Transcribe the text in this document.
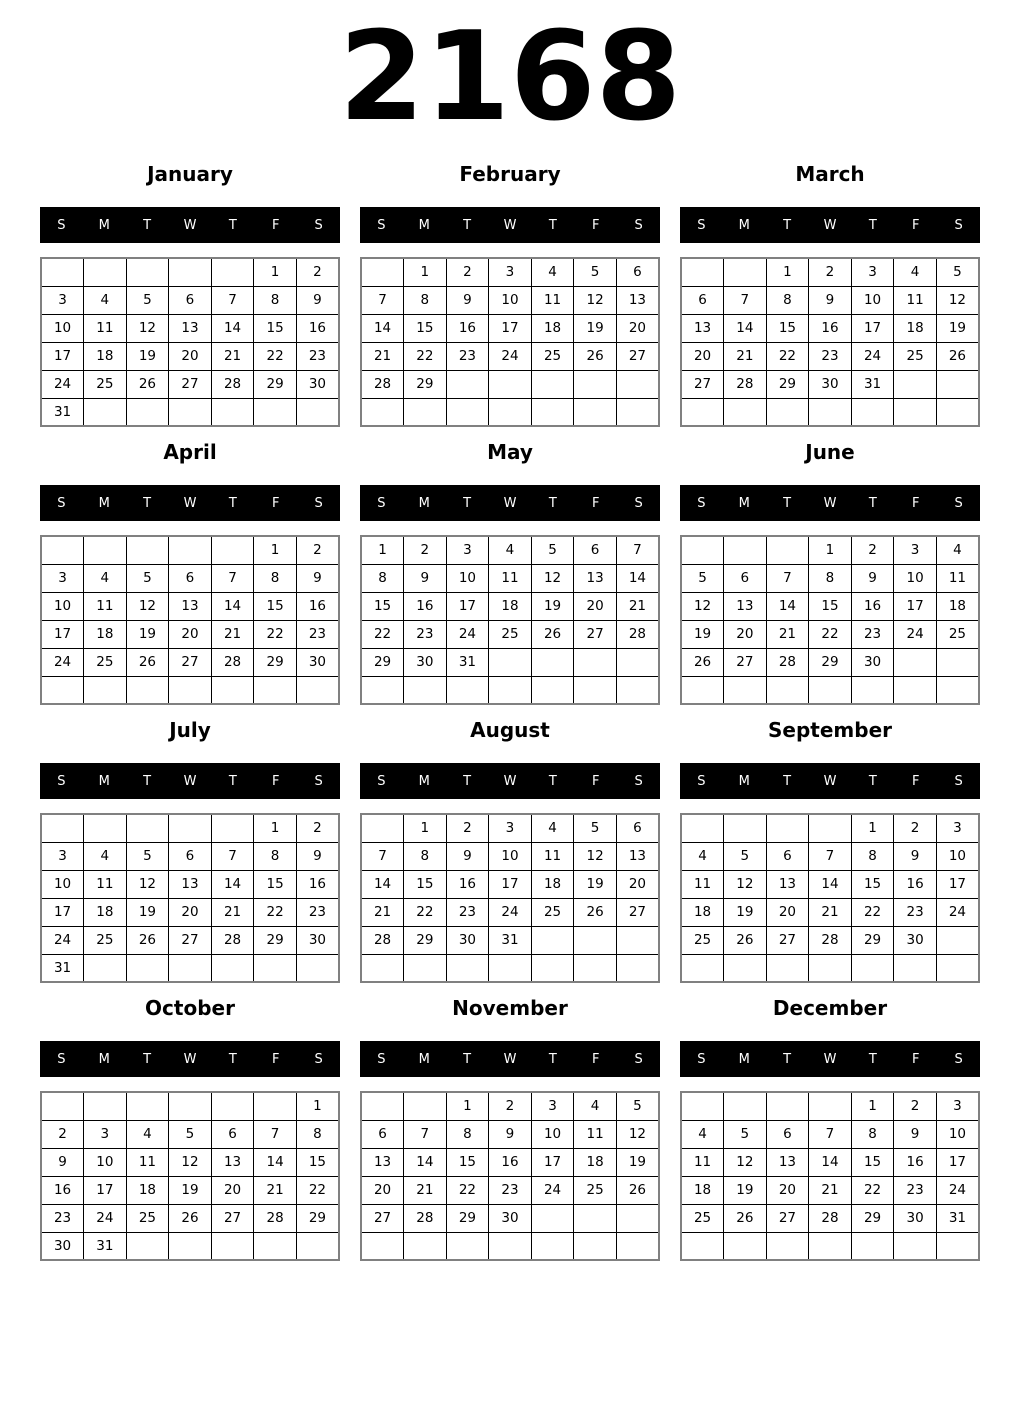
2168
January
S	M	T	W	T	F	S
					1	2
3	4	5	6	7	8	9
10	11	12	13	14	15	16
17	18	19	20	21	22	23
24	25	26	27	28	29	30
31						
February
S	M	T	W	T	F	S
	1	2	3	4	5	6
7	8	9	10	11	12	13
14	15	16	17	18	19	20
21	22	23	24	25	26	27
28	29					

March
S	M	T	W	T	F	S
		1	2	3	4	5
6	7	8	9	10	11	12
13	14	15	16	17	18	19
20	21	22	23	24	25	26
27	28	29	30	31		

April
S	M	T	W	T	F	S
					1	2
3	4	5	6	7	8	9
10	11	12	13	14	15	16
17	18	19	20	21	22	23
24	25	26	27	28	29	30

May
S	M	T	W	T	F	S
1	2	3	4	5	6	7
8	9	10	11	12	13	14
15	16	17	18	19	20	21
22	23	24	25	26	27	28
29	30	31				

June
S	M	T	W	T	F	S
			1	2	3	4
5	6	7	8	9	10	11
12	13	14	15	16	17	18
19	20	21	22	23	24	25
26	27	28	29	30		

July
S	M	T	W	T	F	S
					1	2
3	4	5	6	7	8	9
10	11	12	13	14	15	16
17	18	19	20	21	22	23
24	25	26	27	28	29	30
31						
August
S	M	T	W	T	F	S
	1	2	3	4	5	6
7	8	9	10	11	12	13
14	15	16	17	18	19	20
21	22	23	24	25	26	27
28	29	30	31			

September
S	M	T	W	T	F	S
				1	2	3
4	5	6	7	8	9	10
11	12	13	14	15	16	17
18	19	20	21	22	23	24
25	26	27	28	29	30	

October
S	M	T	W	T	F	S
						1
2	3	4	5	6	7	8
9	10	11	12	13	14	15
16	17	18	19	20	21	22
23	24	25	26	27	28	29
30	31					
November
S	M	T	W	T	F	S
		1	2	3	4	5
6	7	8	9	10	11	12
13	14	15	16	17	18	19
20	21	22	23	24	25	26
27	28	29	30			

December
S	M	T	W	T	F	S
				1	2	3
4	5	6	7	8	9	10
11	12	13	14	15	16	17
18	19	20	21	22	23	24
25	26	27	28	29	30	31
